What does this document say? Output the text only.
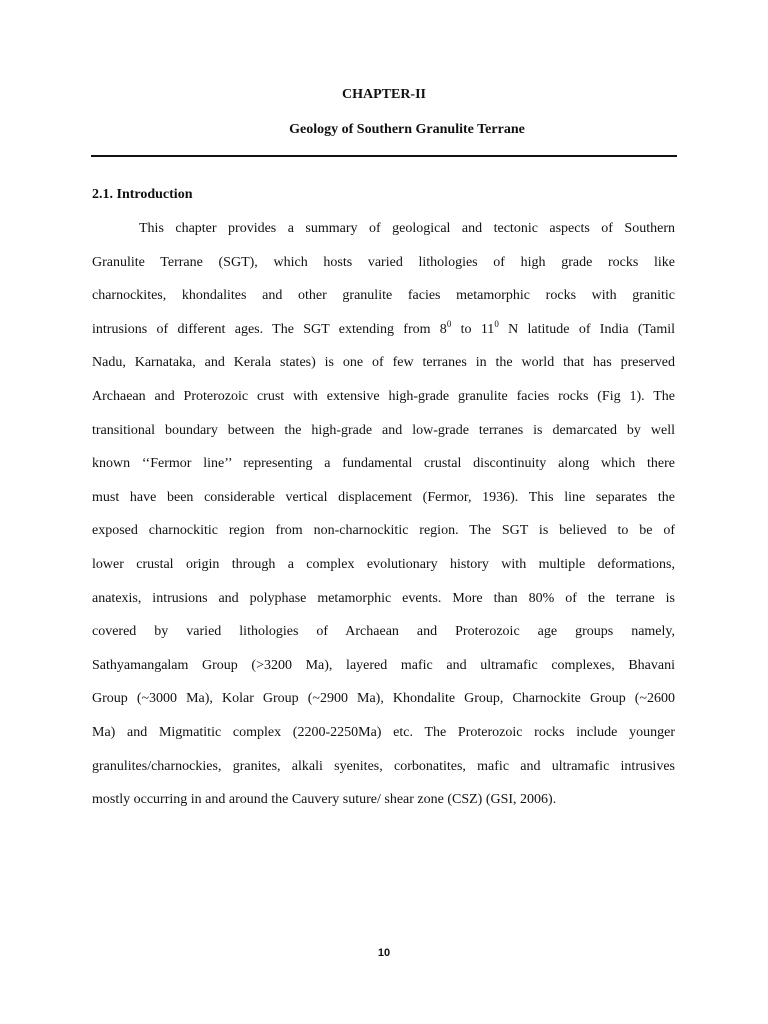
CHAPTER-II
Geology of Southern Granulite Terrane
2.1. Introduction
This chapter provides a summary of geological and tectonic aspects of Southern
Granulite Terrane (SGT), which hosts varied lithologies of high grade rocks like
charnockites, khondalites and other granulite facies metamorphic rocks with granitic
intrusions of different ages. The SGT extending from $8^0$ to $11^0$ N latitude of India (Tamil
Nadu, Karnataka, and Kerala states) is one of few terranes in the world that has preserved
Archaean and Proterozoic crust with extensive high-grade granulite facies rocks (Fig 1). The
transitional boundary between the high-grade and low-grade terranes is demarcated by well
known ‘‘Fermor line’’ representing a fundamental crustal discontinuity along which there
must have been considerable vertical displacement (Fermor, 1936). This line separates the
exposed charnockitic region from non-charnockitic region. The SGT is believed to be of
lower crustal origin through a complex evolutionary history with multiple deformations,
anatexis, intrusions and polyphase metamorphic events. More than 80% of the terrane is
covered by varied lithologies of Archaean and Proterozoic age groups namely,
Sathyamangalam Group (>3200 Ma), layered mafic and ultramafic complexes, Bhavani
Group (~3000 Ma), Kolar Group (~2900 Ma), Khondalite Group, Charnockite Group (~2600
Ma) and Migmatitic complex (2200-2250Ma) etc. The Proterozoic rocks include younger
granulites/charnockies, granites, alkali syenites, corbonatites, mafic and ultramafic intrusives
mostly occurring in and around the Cauvery suture/ shear zone (CSZ) (GSI, 2006).
10
